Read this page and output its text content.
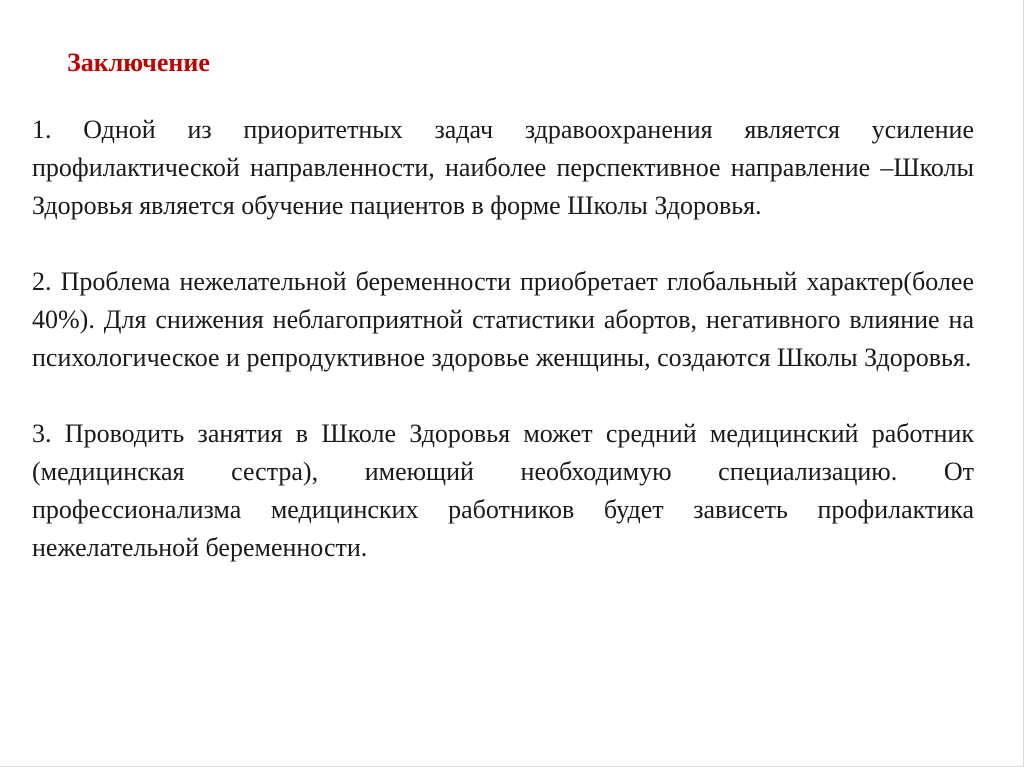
Заключение

1. Одной из приоритетных задач здравоохранения является усиление профилактической направленности, наиболее перспективное направление –Школы Здоровья является обучение пациентов в форме Школы Здоровья.

2. Проблема нежелательной беременности приобретает глобальный характер(более 40%). Для снижения неблагоприятной статистики абортов, негативного влияние на психологическое и репродуктивное здоровье женщины, создаются Школы Здоровья.

3. Проводить занятия в Школе Здоровья может средний медицинский работник (медицинская сестра), имеющий необходимую специализацию. От профессионализма медицинских работников будет зависеть профилактика нежелательной беременности.
